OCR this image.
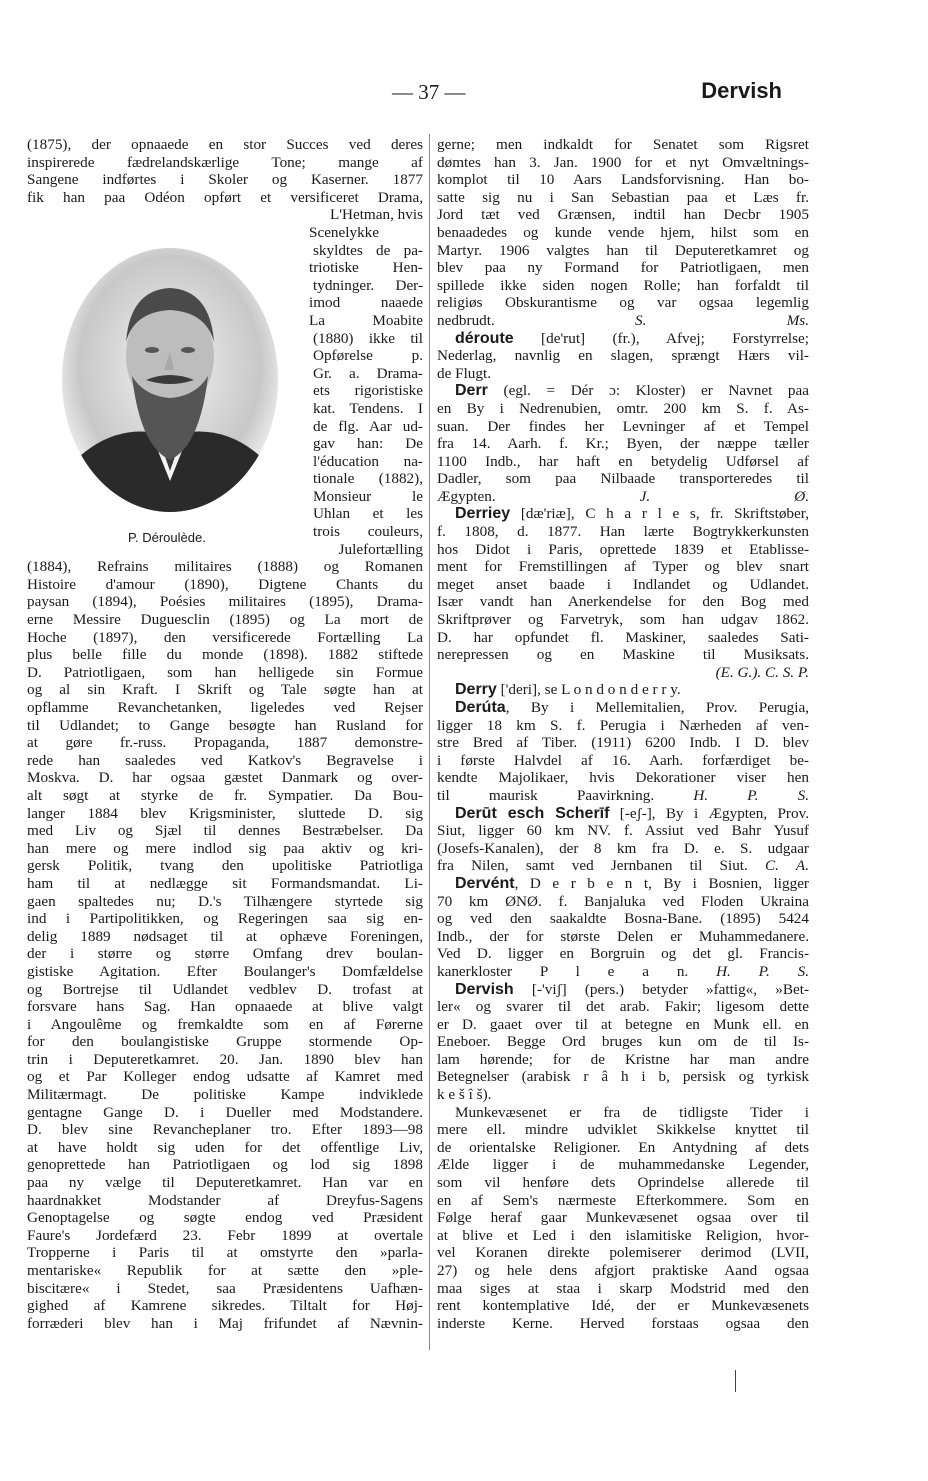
— 37 —	Dervish
(1875), der opnaaede en stor Succes ved deres
inspirerede fædrelandskærlige Tone; mange af
Sangene indførtes i Skoler og Kaserner. 1877
fik han paa Odéon opført et versificeret Drama,
L'Hetman, hvis
Scenelykke
skyldtes de pa-
triotiske Hen-
tydninger. Der-
imod naaede
La Moabite
(1880) ikke til
Opførelse p.
Gr. a. Drama-
ets rigoristiske
kat. Tendens. I
de flg. Aar ud-
gav han: De
l'éducation na-
tionale (1882),
Monsieur le
Uhlan et les
trois couleurs,
Julefortælling
(1884), Refrains militaires (1888) og Romanen
Histoire d'amour (1890), Digtene Chants du
paysan (1894), Poésies militaires (1895), Drama-
erne Messire Duguesclin (1895) og La mort de
Hoche (1897), den versificerede Fortælling La
plus belle fille du monde (1898). 1882 stiftede
D. Patriotligaen, som han helligede sin Formue
og al sin Kraft. I Skrift og Tale søgte han at
opflamme Revanchetanken, ligeledes ved Rejser
til Udlandet; to Gange besøgte han Rusland for
at gøre fr.-russ. Propaganda, 1887 demonstre-
rede han saaledes ved Katkov's Begravelse i
Moskva. D. har ogsaa gæstet Danmark og over-
alt søgt at styrke de fr. Sympatier. Da Bou-
langer 1884 blev Krigsminister, sluttede D. sig
med Liv og Sjæl til dennes Bestræbelser. Da
han mere og mere indlod sig paa aktiv og kri-
gersk Politik, tvang den upolitiske Patriotliga
ham til at nedlægge sit Formandsmandat. Li-
gaen spaltedes nu; D.'s Tilhængere styrtede sig
ind i Partipolitikken, og Regeringen saa sig en-
delig 1889 nødsaget til at ophæve Foreningen,
der i større og større Omfang drev boulan-
gistiske Agitation. Efter Boulanger's Domfældelse
og Bortrejse til Udlandet vedblev D. trofast at
forsvare hans Sag. Han opnaaede at blive valgt
i Angoulême og fremkaldte som en af Førerne
for den boulangistiske Gruppe stormende Op-
trin i Deputeretkamret. 20. Jan. 1890 blev han
og et Par Kolleger endog udsatte af Kamret med
Militærmagt. De politiske Kampe indviklede
gentagne Gange D. i Dueller med Modstandere.
D. blev sine Revancheplaner tro. Efter 1893—98
at have holdt sig uden for det offentlige Liv,
genoprettede han Patriotligaen og lod sig 1898
paa ny vælge til Deputeretkamret. Han var en
haardnakket Modstander af Dreyfus-Sagens
Genoptagelse og søgte endog ved Præsident
Faure's Jordefærd 23. Febr 1899 at overtale
Tropperne i Paris til at omstyrte den »parla-
mentariske« Republik for at sætte den »ple-
biscitære« i Stedet, saa Præsidentens Uafhæn-
gighed af Kamrene sikredes. Tiltalt for Høj-
forræderi blev han i Maj frifundet af Nævnin-
P. Déroulède.
gerne; men indkaldt for Senatet som Rigsret
dømtes han 3. Jan. 1900 for et nyt Omvæltnings-
komplot til 10 Aars Landsforvisning. Han bo-
satte sig nu i San Sebastian paa et Læs fr.
Jord tæt ved Grænsen, indtil han Decbr 1905
benaadedes og kunde vende hjem, hilst som en
Martyr. 1906 valgtes han til Deputeretkamret og
blev paa ny Formand for Patriotligaen, men
spillede ikke siden nogen Rolle; han forfaldt til
religiøs Obskurantisme og var ogsaa legemlig
nedbrudt.	S. Ms.
déroute [de'rut] (fr.), Afvej; Forstyrrelse;
Nederlag, navnlig en slagen, sprængt Hærs vil-
de Flugt.
Derr (egl. = Dér ɔ: Kloster) er Navnet paa
en By i Nedrenubien, omtr. 200 km S. f. As-
suan. Der findes her Levninger af et Tempel
fra 14. Aarh. f. Kr.; Byen, der næppe tæller
1100 Indb., har haft en betydelig Udførsel af
Dadler, som paa Nilbaade transporteredes til
Ægypten.	J. Ø.
Derriey [dæ'riæ], C h a r l e s, fr. Skriftstøber,
f. 1808, d. 1877. Han lærte Bogtrykkerkunsten
hos Didot i Paris, oprettede 1839 et Etablisse-
ment for Fremstillingen af Typer og blev snart
meget anset baade i Indlandet og Udlandet.
Især vandt han Anerkendelse for den Bog med
Skriftprøver og Farvetryk, som han udgav 1862.
D. har opfundet fl. Maskiner, saaledes Sati-
nerepressen og en Maskine til Musiksats.
(E. G.). C. S. P.
Derry ['deri], se L o n d o n d e r r y.
Derúta, By i Mellemitalien, Prov. Perugia,
ligger 18 km S. f. Perugia i Nærheden af ven-
stre Bred af Tiber. (1911) 6200 Indb. I D. blev
i første Halvdel af 16. Aarh. forfærdiget be-
kendte Majolikaer, hvis Dekorationer viser hen
til maurisk Paavirkning.	H. P. S.
Derūt esch Scherīf [-eʃ-], By i Ægypten, Prov.
Siut, ligger 60 km NV. f. Assiut ved Bahr Yusuf
(Josefs-Kanalen), der 8 km fra D. e. S. udgaar
fra Nilen, samt ved Jernbanen til Siut. C. A.
Dervént, D e r b e n t, By i Bosnien, ligger
70 km ØNØ. f. Banjaluka ved Floden Ukraina
og ved den saakaldte Bosna-Bane. (1895) 5424
Indb., der for største Delen er Muhammedanere.
Ved D. ligger en Borgruin og det gl. Francis-
kanerkloster P l e a n. H. P. S.
Dervish [-'viʃ] (pers.) betyder »fattig«, »Bet-
ler« og svarer til det arab. Fakir; ligesom dette
er D. gaaet over til at betegne en Munk ell. en
Eneboer. Begge Ord bruges kun om de til Is-
lam hørende; for de Kristne har man andre
Betegnelser (arabisk r â h i b, persisk og tyrkisk
k e š î š).
Munkevæsenet er fra de tidligste Tider i
mere ell. mindre udviklet Skikkelse knyttet til
de orientalske Religioner. En Antydning af dets
Ælde ligger i de muhammedanske Legender,
som vil henføre dets Oprindelse allerede til
en af Sem's nærmeste Efterkommere. Som en
Følge heraf gaar Munkevæsenet ogsaa over til
at blive et Led i den islamitiske Religion, hvor-
vel Koranen direkte polemiserer derimod (LVII,
27) og hele dens afgjort praktiske Aand ogsaa
maa siges at staa i skarp Modstrid med den
rent kontemplative Idé, der er Munkevæsenets
inderste Kerne. Herved forstaas ogsaa den
